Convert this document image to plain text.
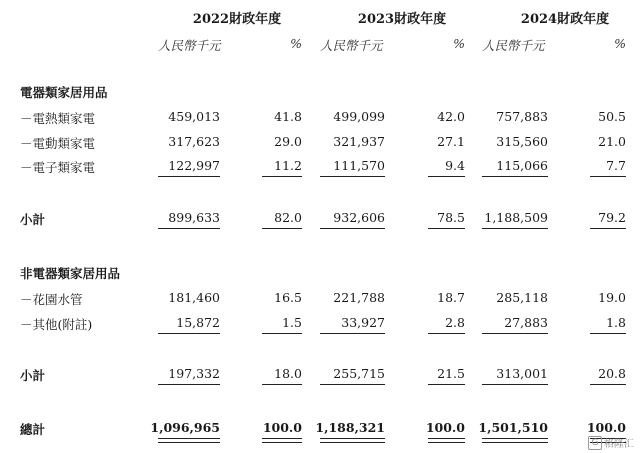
2022財政年度	2023財政年度	2024財政年度
人民幣千元	% 人民幣千元	% 人民幣千元	%
電器類家居用品
－電熱類家電	459,013	41.8	499,099	42.0	757,883	50.5
－電動類家電	317,623	29.0	321,937	27.1	315,560	21.0
－電子類家電	122,997	11.2	111,570	9.4	115,066	7.7
小計	899,633	82.0	932,606	78.5	1,188,509	79.2
非電器類家居用品
－花園水管	181,460	16.5	221,788	18.7	285,118	19.0
－其他(附註)	15,872	1.5	33,927	2.8	27,883	1.8
小計	197,332	18.0	255,715	21.5	313,001	20.8
總計	1,096,965	100.0	1,188,321	100.0	1,501,510	100.0
G 格隆汇
